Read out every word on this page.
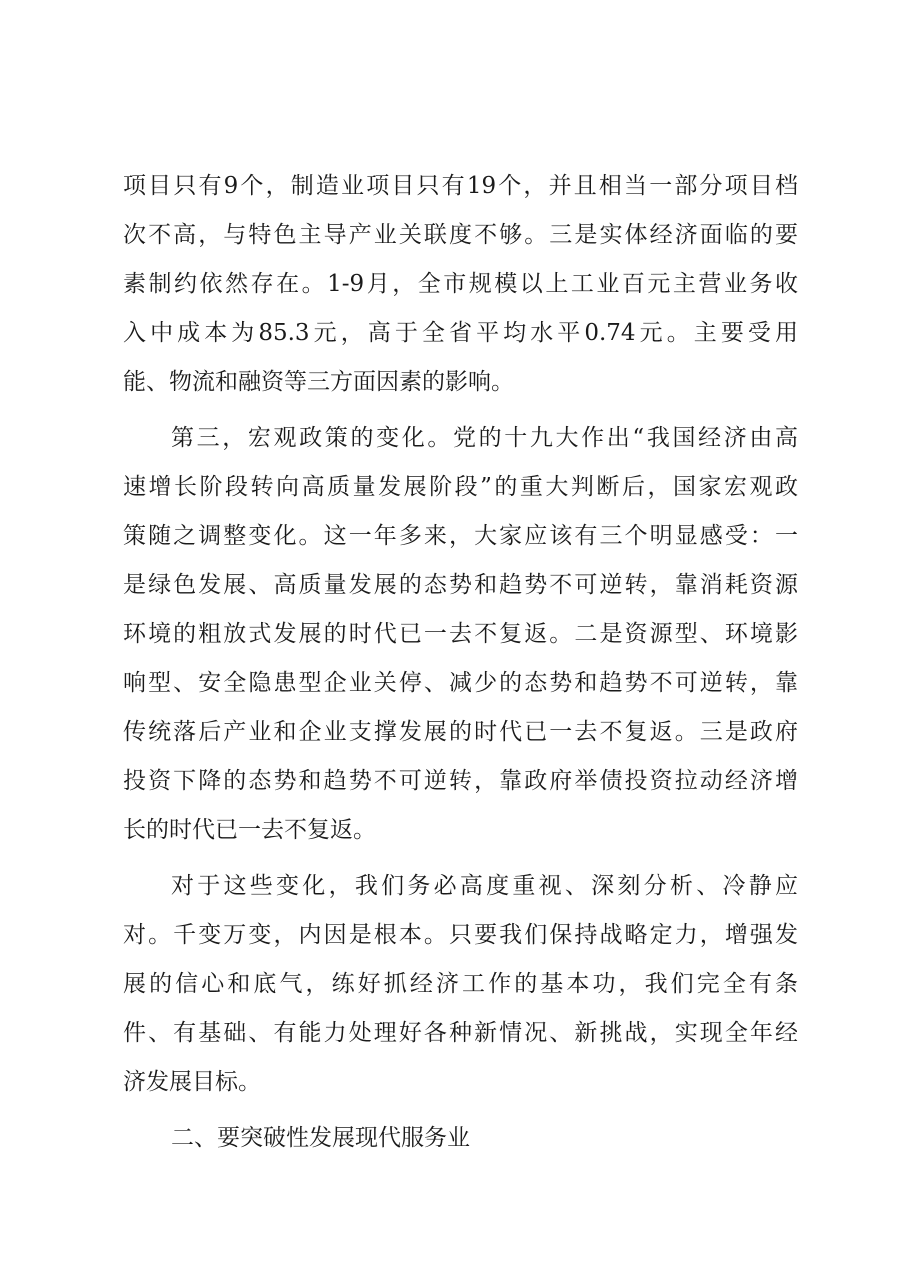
项目只有9个，制造业项目只有19个，并且相当一部分项目档
次不高，与特色主导产业关联度不够。三是实体经济面临的要
素制约依然存在。1-9月，全市规模以上工业百元主营业务收
入中成本为85.3元，高于全省平均水平0.74元。主要受用
能、物流和融资等三方面因素的影响。
第三，宏观政策的变化。党的十九大作出“我国经济由高
速增长阶段转向高质量发展阶段”的重大判断后，国家宏观政
策随之调整变化。这一年多来，大家应该有三个明显感受：一
是绿色发展、高质量发展的态势和趋势不可逆转，靠消耗资源
环境的粗放式发展的时代已一去不复返。二是资源型、环境影
响型、安全隐患型企业关停、减少的态势和趋势不可逆转，靠
传统落后产业和企业支撑发展的时代已一去不复返。三是政府
投资下降的态势和趋势不可逆转，靠政府举债投资拉动经济增
长的时代已一去不复返。
对于这些变化，我们务必高度重视、深刻分析、冷静应
对。千变万变，内因是根本。只要我们保持战略定力，增强发
展的信心和底气，练好抓经济工作的基本功，我们完全有条
件、有基础、有能力处理好各种新情况、新挑战，实现全年经
济发展目标。
二、要突破性发展现代服务业
